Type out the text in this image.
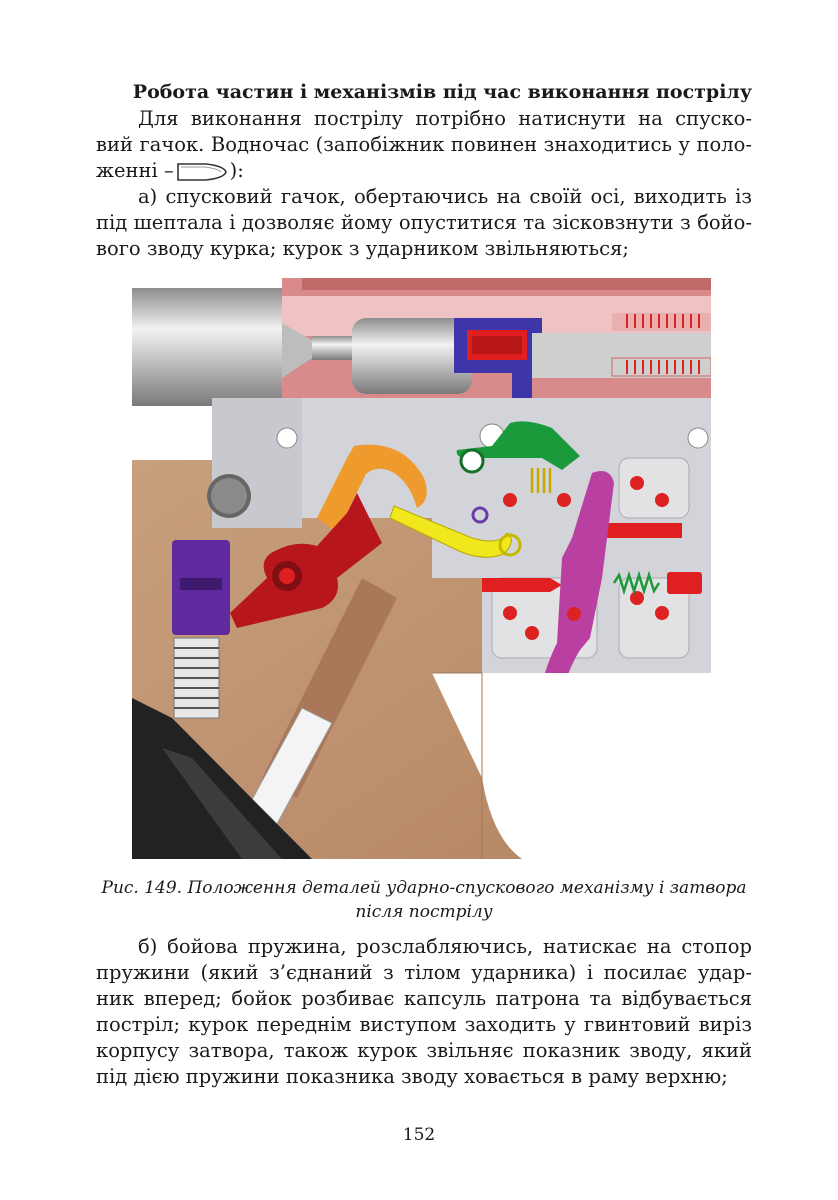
Робота частин і механізмів під час виконання пострілу
Для виконання пострілу потрібно натиснути на спуско-
вий гачок. Водночас (запобіжник повинен знаходитись у поло-
женні –	):
а) спусковий гачок, обертаючись на своїй осі, виходить із
під шептала і дозволяє йому опуститися та зісковзнути з бойо-
вого зводу курка; курок з ударником звільняються;
Рис. 149. Положення деталей ударно-спускового механізму і затвора
після пострілу
б) бойова пружина, розслабляючись, натискає на стопор
пружини (який з’єднаний з тілом ударника) і посилає удар-
ник вперед; бойок розбиває капсуль патрона та відбувається
постріл; курок переднім виступом заходить у гвинтовий виріз
корпусу затвора, також курок звільняє показник зводу, який
під дією пружини показника зводу ховається в раму верхню;
152
